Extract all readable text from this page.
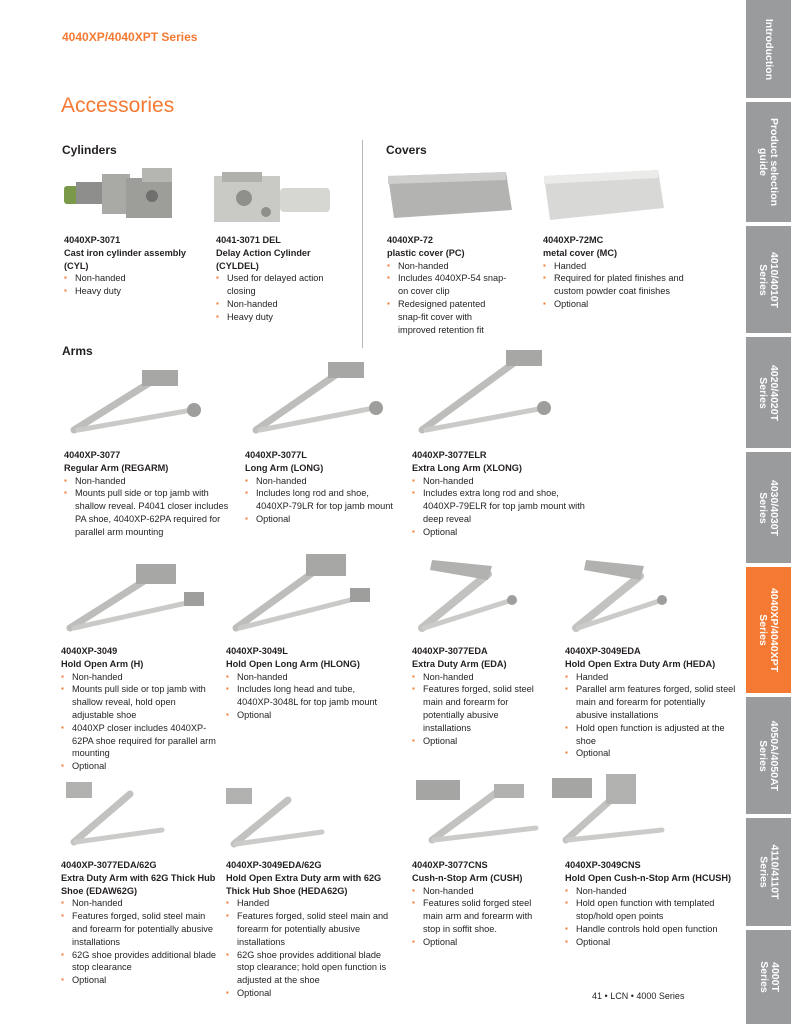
4040XP/4040XPT Series
Accessories
Cylinders	Covers
Arms
4040XP-3071
Cast iron cylinder assembly (CYL)
▪ Non-handed
▪ Heavy duty
4041-3071 DEL
Delay Action Cylinder (CYLDEL)
▪ Used for delayed action closing
▪ Non-handed
▪ Heavy duty
4040XP-72
plastic cover (PC)
▪ Non-handed
▪ Includes 4040XP-54 snap-on cover clip
▪ Redesigned patented snap-fit cover with improved retention fit
4040XP-72MC
metal cover (MC)
▪ Handed
▪ Required for plated finishes and custom powder coat finishes
▪ Optional
4040XP-3077
Regular Arm (REGARM)
▪ Non-handed
▪ Mounts pull side or top jamb with shallow reveal. P4041 closer includes PA shoe, 4040XP-62PA required for parallel arm mounting
4040XP-3077L
Long Arm (LONG)
▪ Non-handed
▪ Includes long rod and shoe, 4040XP-79LR for top jamb mount
▪ Optional
4040XP-3077ELR
Extra Long Arm (XLONG)
▪ Non-handed
▪ Includes extra long rod and shoe, 4040XP-79ELR for top jamb mount with deep reveal
▪ Optional
4040XP-3049
Hold Open Arm (H)
▪ Non-handed
▪ Mounts pull side or top jamb with shallow reveal, hold open adjustable shoe
▪ 4040XP closer includes 4040XP-62PA shoe required for parallel arm mounting
▪ Optional
4040XP-3049L
Hold Open Long Arm (HLONG)
▪ Non-handed
▪ Includes long head and tube, 4040XP-3048L for top jamb mount
▪ Optional
4040XP-3077EDA
Extra Duty Arm (EDA)
▪ Non-handed
▪ Features forged, solid steel main and forearm for potentially abusive installations
▪ Optional
4040XP-3049EDA
Hold Open Extra Duty Arm (HEDA)
▪ Handed
▪ Parallel arm features forged, solid steel main and forearm for potentially abusive installations
▪ Hold open function is adjusted at the shoe
▪ Optional
4040XP-3077EDA/62G
Extra Duty Arm with 62G Thick Hub Shoe (EDAW62G)
▪ Non-handed
▪ Features forged, solid steel main and forearm for potentially abusive installations
▪ 62G shoe provides additional blade stop clearance
▪ Optional
4040XP-3049EDA/62G
Hold Open Extra Duty arm with 62G Thick Hub Shoe (HEDA62G)
▪ Handed
▪ Features forged, solid steel main and forearm for potentially abusive installations
▪ 62G shoe provides additional blade stop clearance; hold open function is adjusted at the shoe
▪ Optional
4040XP-3077CNS
Cush-n-Stop Arm (CUSH)
▪ Non-handed
▪ Features solid forged steel main arm and forearm with stop in soffit shoe.
▪ Optional
4040XP-3049CNS
Hold Open Cush-n-Stop Arm (HCUSH)
▪ Non-handed
▪ Hold open function with templated stop/hold open points
▪ Handle controls hold open function
▪ Optional
Introduction
Product selection
guide
4010/4010T
Series
4020/4020T
Series
4030/4030T
Series
4040XP/4040XPT
Series
4050A/4050AT
Series
4110/4110T
Series
4000T
Series
41 • LCN • 4000 Series
